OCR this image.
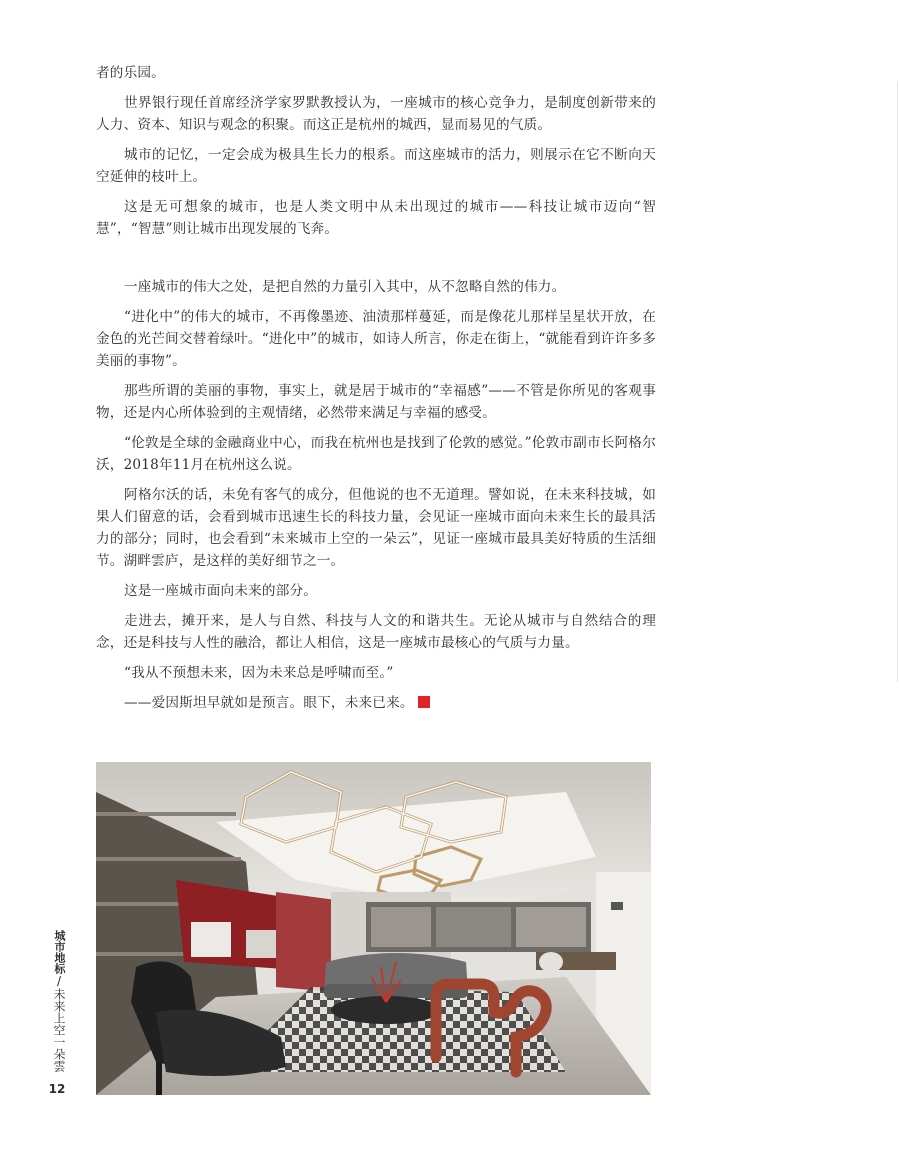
者的乐园。

世界银行现任首席经济学家罗默教授认为，一座城市的核心竞争力，是制度创新带来的人力、资本、知识与观念的积聚。而这正是杭州的城西，显而易见的气质。

城市的记忆，一定会成为极具生长力的根系。而这座城市的活力，则展示在它不断向天空延伸的枝叶上。

这是无可想象的城市，也是人类文明中从未出现过的城市——科技让城市迈向“智慧”，“智慧”则让城市出现发展的飞奔。

一座城市的伟大之处，是把自然的力量引入其中，从不忽略自然的伟力。

“进化中”的伟大的城市，不再像墨迹、油渍那样蔓延，而是像花儿那样呈星状开放，在金色的光芒间交替着绿叶。“进化中”的城市，如诗人所言，你走在街上，“就能看到许许多多美丽的事物”。

那些所谓的美丽的事物，事实上，就是居于城市的“幸福感”——不管是你所见的客观事物，还是内心所体验到的主观情绪，必然带来满足与幸福的感受。

“伦敦是全球的金融商业中心，而我在杭州也是找到了伦敦的感觉。”伦敦市副市长阿格尔沃，2018年11月在杭州这么说。

阿格尔沃的话，未免有客气的成分，但他说的也不无道理。譬如说，在未来科技城，如果人们留意的话，会看到城市迅速生长的科技力量，会见证一座城市面向未来生长的最具活力的部分；同时，也会看到“未来城市上空的一朵云”，见证一座城市最具美好特质的生活细节。湖畔雲庐，是这样的美好细节之一。

这是一座城市面向未来的部分。

走进去，摊开来，是人与自然、科技与人文的和谐共生。无论从城市与自然结合的理念，还是科技与人性的融洽，都让人相信，这是一座城市最核心的气质与力量。

“我从不预想未来，因为未来总是呼啸而至。”

——爱因斯坦早就如是预言。眼下，未来已来。

城市地标/未来上空一朵雲
12
